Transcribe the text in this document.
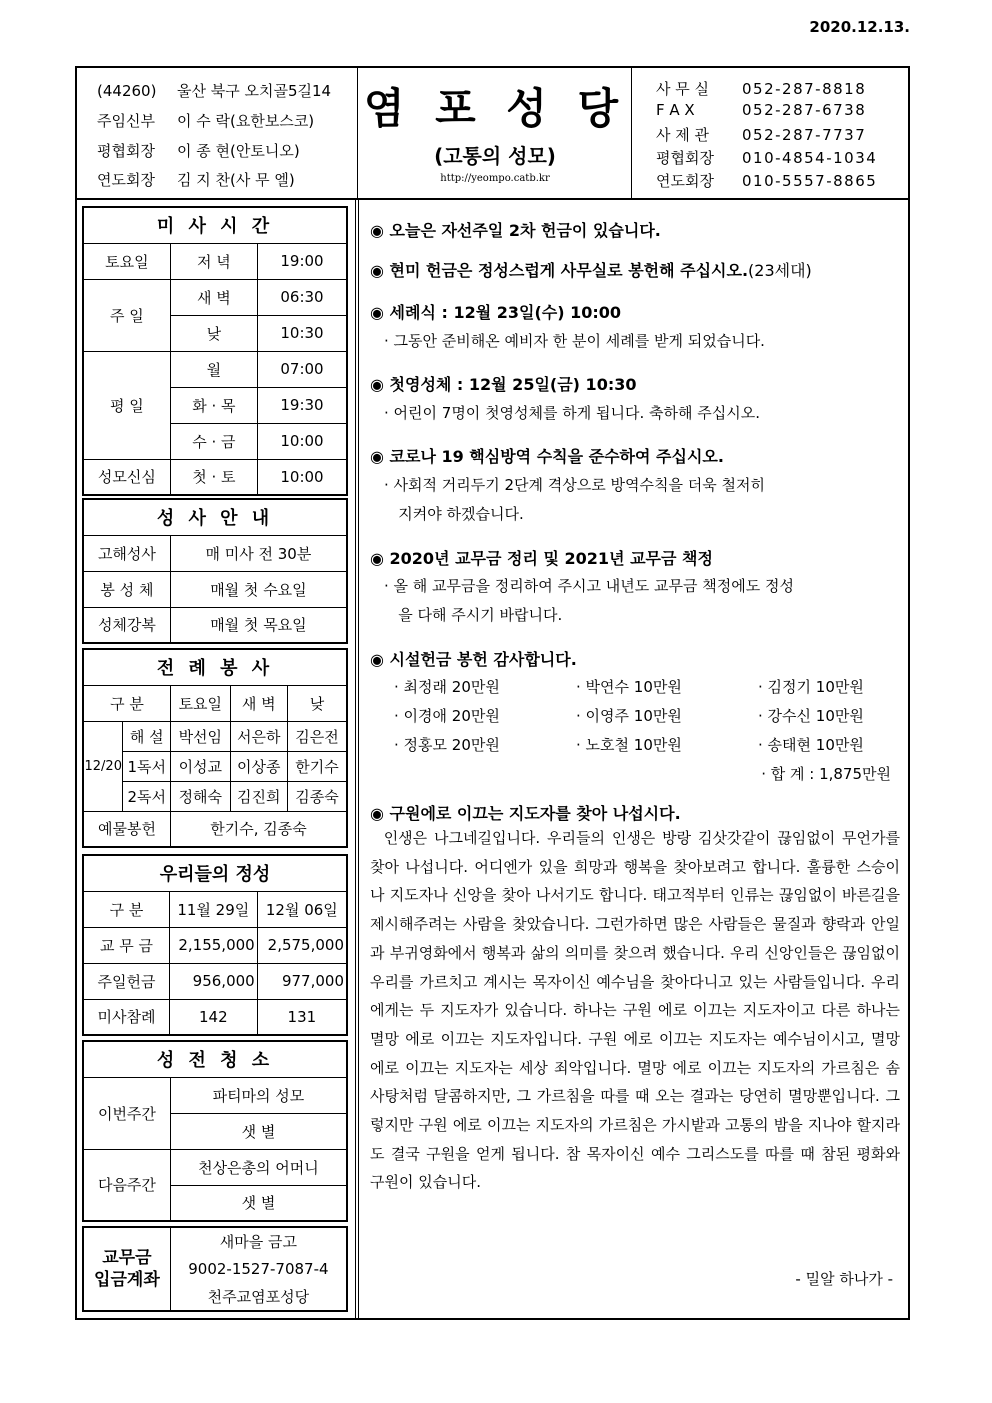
2020.12.13.
(44260) 울산 북구 오치골5길14
주임신부 이 수 락(요한보스코)
평협회장 이 종 현(안토니오)
연도회장 김 지 찬(사 무 엘)
염 포 성 당
(고통의 성모)
http://yeompo.catb.kr
사 무 실 052-287-8818
F A X	052-287-6738
사 제 관 052-287-7737
평협회장 010-4854-1034
연도회장 010-5557-8865
미 사 시 간		
토요일	저 녁	19:00
주 일	새 벽	06:30
	낮	10:30
평 일	월	07:00
	화 · 목	19:30
	수 · 금	10:00
성모신심	첫 · 토	10:00
성 사 안 내	
고해성사	매 미사 전 30분
봉 성 체	매월 첫 수요일
성체강복	매월 첫 목요일
전 례 봉 사				
구 분		토요일	새 벽	낮
12/20	해 설	박선임	서은하	김은전
	1독서	이성교	이상종	한기수
	2독서	정해숙	김진희	김종숙
예물봉헌		한기수, 김종숙		
우리들의 정성		
구 분	11월 29일	12월 06일
교 무 금	2,155,000	2,575,000
주일헌금	956,000	977,000
미사참례	142	131
성 전 청 소	
이번주간	파티마의 성모
	샛 별
다음주간	천상은총의 어머니
	샛 별
교무금
입금계좌	새마을 금고
9002-1527-7087-4
천주교염포성당
◉ 오늘은 자선주일 2차 헌금이 있습니다.
◉ 현미 헌금은 정성스럽게 사무실로 봉헌해 주십시오.(23세대)
◉ 세례식 : 12월 23일(수) 10:00
· 그동안 준비해온 예비자 한 분이 세례를 받게 되었습니다.
◉ 첫영성체 : 12월 25일(금) 10:30
· 어린이 7명이 첫영성체를 하게 됩니다. 축하해 주십시오.
◉ 코로나 19 핵심방역 수칙을 준수하여 주십시오.
· 사회적 거리두기 2단계 격상으로 방역수칙을 더욱 철저히
지켜야 하겠습니다.
◉ 2020년 교무금 정리 및 2021년 교무금 책정
· 올 해 교무금을 정리하여 주시고 내년도 교무금 책정에도 정성
을 다해 주시기 바랍니다.
◉ 시설헌금 봉헌 감사합니다.
· 최정래 20만원	· 박연수 10만원	· 김정기 10만원
· 이경애 20만원	· 이영주 10만원	· 강수신 10만원
· 정홍모 20만원	· 노호철 10만원	· 송태현 10만원
· 합 계 : 1,875만원
◉ 구원에로 이끄는 지도자를 찾아 나섭시다.
인생은 나그네길입니다. 우리들의 인생은 방랑 김삿갓같이 끊임없이 무언가를 찾아 나섭니다. 어디엔가 있을 희망과 행복을 찾아보려고 합니다. 훌륭한 스승이나 지도자나 신앙을 찾아 나서기도 합니다. 태고적부터 인류는 끊임없이 바른길을 제시해주려는 사람을 찾았습니다. 그런가하면 많은 사람들은 물질과 향락과 안일과 부귀영화에서 행복과 삶의 의미를 찾으려 했습니다. 우리 신앙인들은 끊임없이 우리를 가르치고 계시는 목자이신 예수님을 찾아다니고 있는 사람들입니다. 우리에게는 두 지도자가 있습니다. 하나는 구원 에로 이끄는 지도자이고 다른 하나는 멸망 에로 이끄는 지도자입니다. 구원 에로 이끄는 지도자는 예수님이시고, 멸망 에로 이끄는 지도자는 세상 죄악입니다. 멸망 에로 이끄는 지도자의 가르침은 솜사탕처럼 달콤하지만, 그 가르침을 따를 때 오는 결과는 당연히 멸망뿐입니다. 그렇지만 구원 에로 이끄는 지도자의 가르침은 가시밭과 고통의 밤을 지나야 할지라도 결국 구원을 얻게 됩니다. 참 목자이신 예수 그리스도를 따를 때 참된 평화와 구원이 있습니다.
- 밀알 하나가 -
